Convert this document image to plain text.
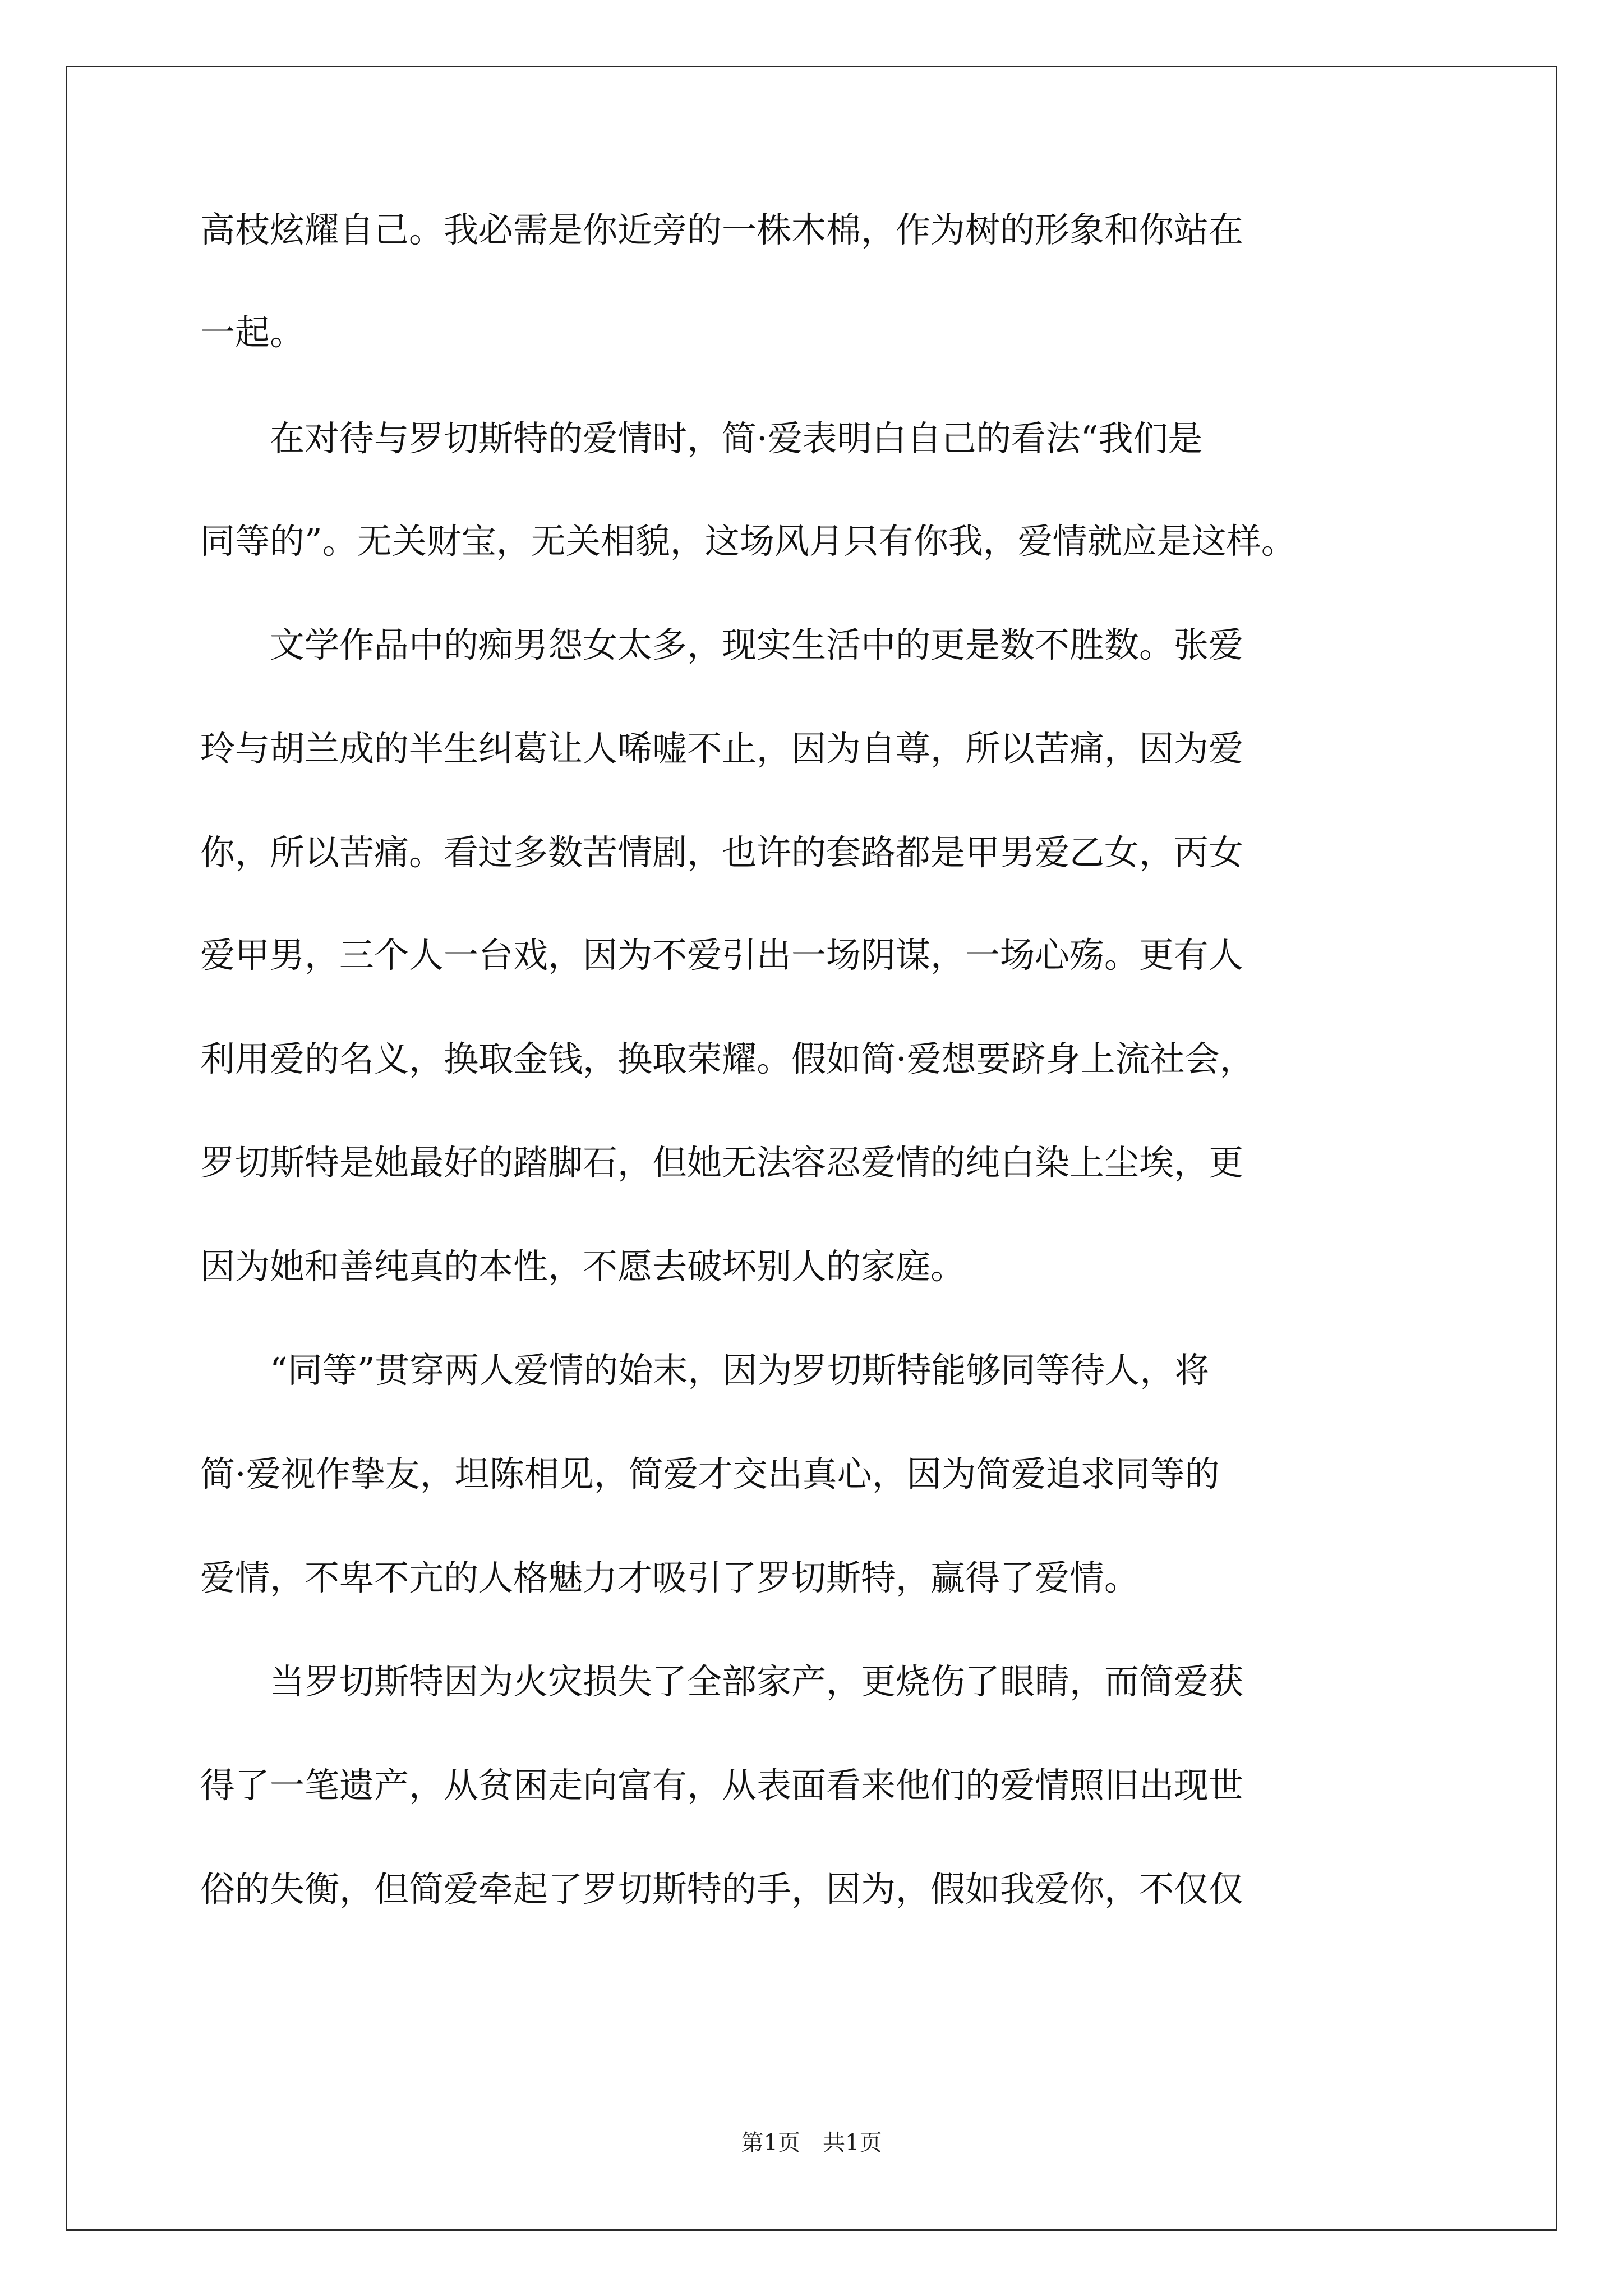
高枝炫耀自己。我必需是你近旁的一株木棉，作为树的形象和你站在
一起。
　　在对待与罗切斯特的爱情时，简·爱表明白自己的看法“我们是
同等的”。无关财宝，无关相貌，这场风月只有你我，爱情就应是这样。
　　文学作品中的痴男怨女太多，现实生活中的更是数不胜数。张爱
玲与胡兰成的半生纠葛让人唏嘘不止，因为自尊，所以苦痛，因为爱
你，所以苦痛。看过多数苦情剧，也许的套路都是甲男爱乙女，丙女
爱甲男，三个人一台戏，因为不爱引出一场阴谋，一场心殇。更有人
利用爱的名义，换取金钱，换取荣耀。假如简·爱想要跻身上流社会，
罗切斯特是她最好的踏脚石，但她无法容忍爱情的纯白染上尘埃，更
因为她和善纯真的本性，不愿去破坏别人的家庭。
　　“同等”贯穿两人爱情的始末，因为罗切斯特能够同等待人，将
简·爱视作挚友，坦陈相见，简爱才交出真心，因为简爱追求同等的
爱情，不卑不亢的人格魅力才吸引了罗切斯特，赢得了爱情。
　　当罗切斯特因为火灾损失了全部家产，更烧伤了眼睛，而简爱获
得了一笔遗产，从贫困走向富有，从表面看来他们的爱情照旧出现世
俗的失衡，但简爱牵起了罗切斯特的手，因为，假如我爱你，不仅仅
第1页　共1页
